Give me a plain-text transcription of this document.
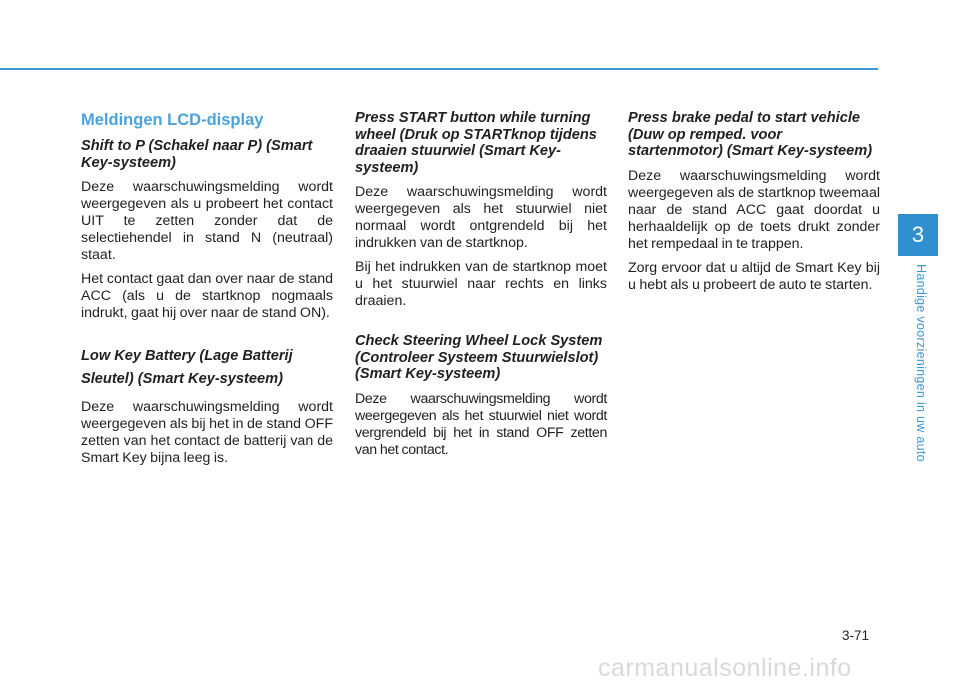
Meldingen LCD-display
Shift to P (Schakel naar P) (Smart Key-systeem)
Deze waarschuwingsmelding wordt weergegeven als u probeert het contact UIT te zetten zonder dat de selectiehendel in stand N (neutraal) staat.
Het contact gaat dan over naar de stand ACC (als u de startknop nogmaals indrukt, gaat hij over naar de stand ON).
Low Key Battery (Lage Batterij Sleutel) (Smart Key-systeem)
Deze waarschuwingsmelding wordt weergegeven als bij het in de stand OFF zetten van het contact de batterij van de Smart Key bijna leeg is.
Press START button while turning wheel (Druk op STARTknop tijdens draaien stuurwiel (Smart Key-systeem)
Deze waarschuwingsmelding wordt weergegeven als het stuurwiel niet normaal wordt ontgrendeld bij het indrukken van de startknop.
Bij het indrukken van de startknop moet u het stuurwiel naar rechts en links draaien.
Check Steering Wheel Lock System (Controleer Systeem Stuurwielslot) (Smart Key-systeem)
Deze waarschuwingsmelding wordt weergegeven als het stuurwiel niet wordt vergrendeld bij het in stand OFF zetten van het contact.
Press brake pedal to start vehicle (Duw op remped. voor startenmotor) (Smart Key-systeem)
Deze waarschuwingsmelding wordt weergegeven als de startknop tweemaal naar de stand ACC gaat doordat u herhaaldelijk op de toets drukt zonder het rempedaal in te trappen.
Zorg ervoor dat u altijd de Smart Key bij u hebt als u probeert de auto te starten.
3
Handige voorzieningen in uw auto
3-71
carmanualsonline.info
